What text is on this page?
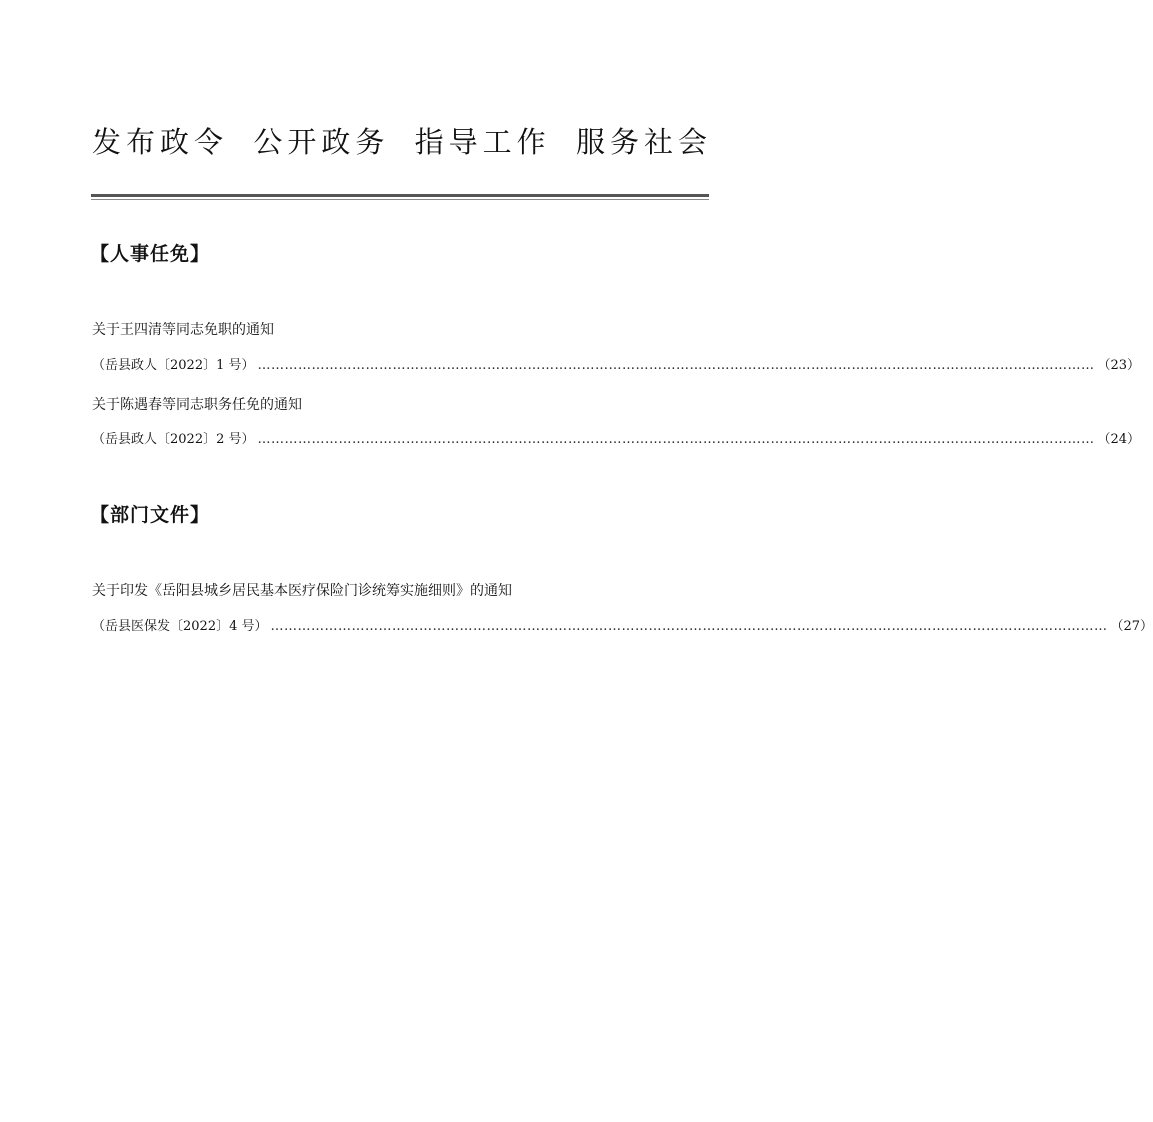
发布政令 公开政务 指导工作 服务社会
【人事任免】
关于王四清等同志免职的通知
（岳县政人〔2022〕1 号） …………………………………………………………………………………………………………………………………………………………………… （23）
关于陈遇春等同志职务任免的通知
（岳县政人〔2022〕2 号） …………………………………………………………………………………………………………………………………………………………………… （24）
【部门文件】
关于印发《岳阳县城乡居民基本医疗保险门诊统筹实施细则》的通知
（岳县医保发〔2022〕4 号） …………………………………………………………………………………………………………………………………………………………………… （27）
